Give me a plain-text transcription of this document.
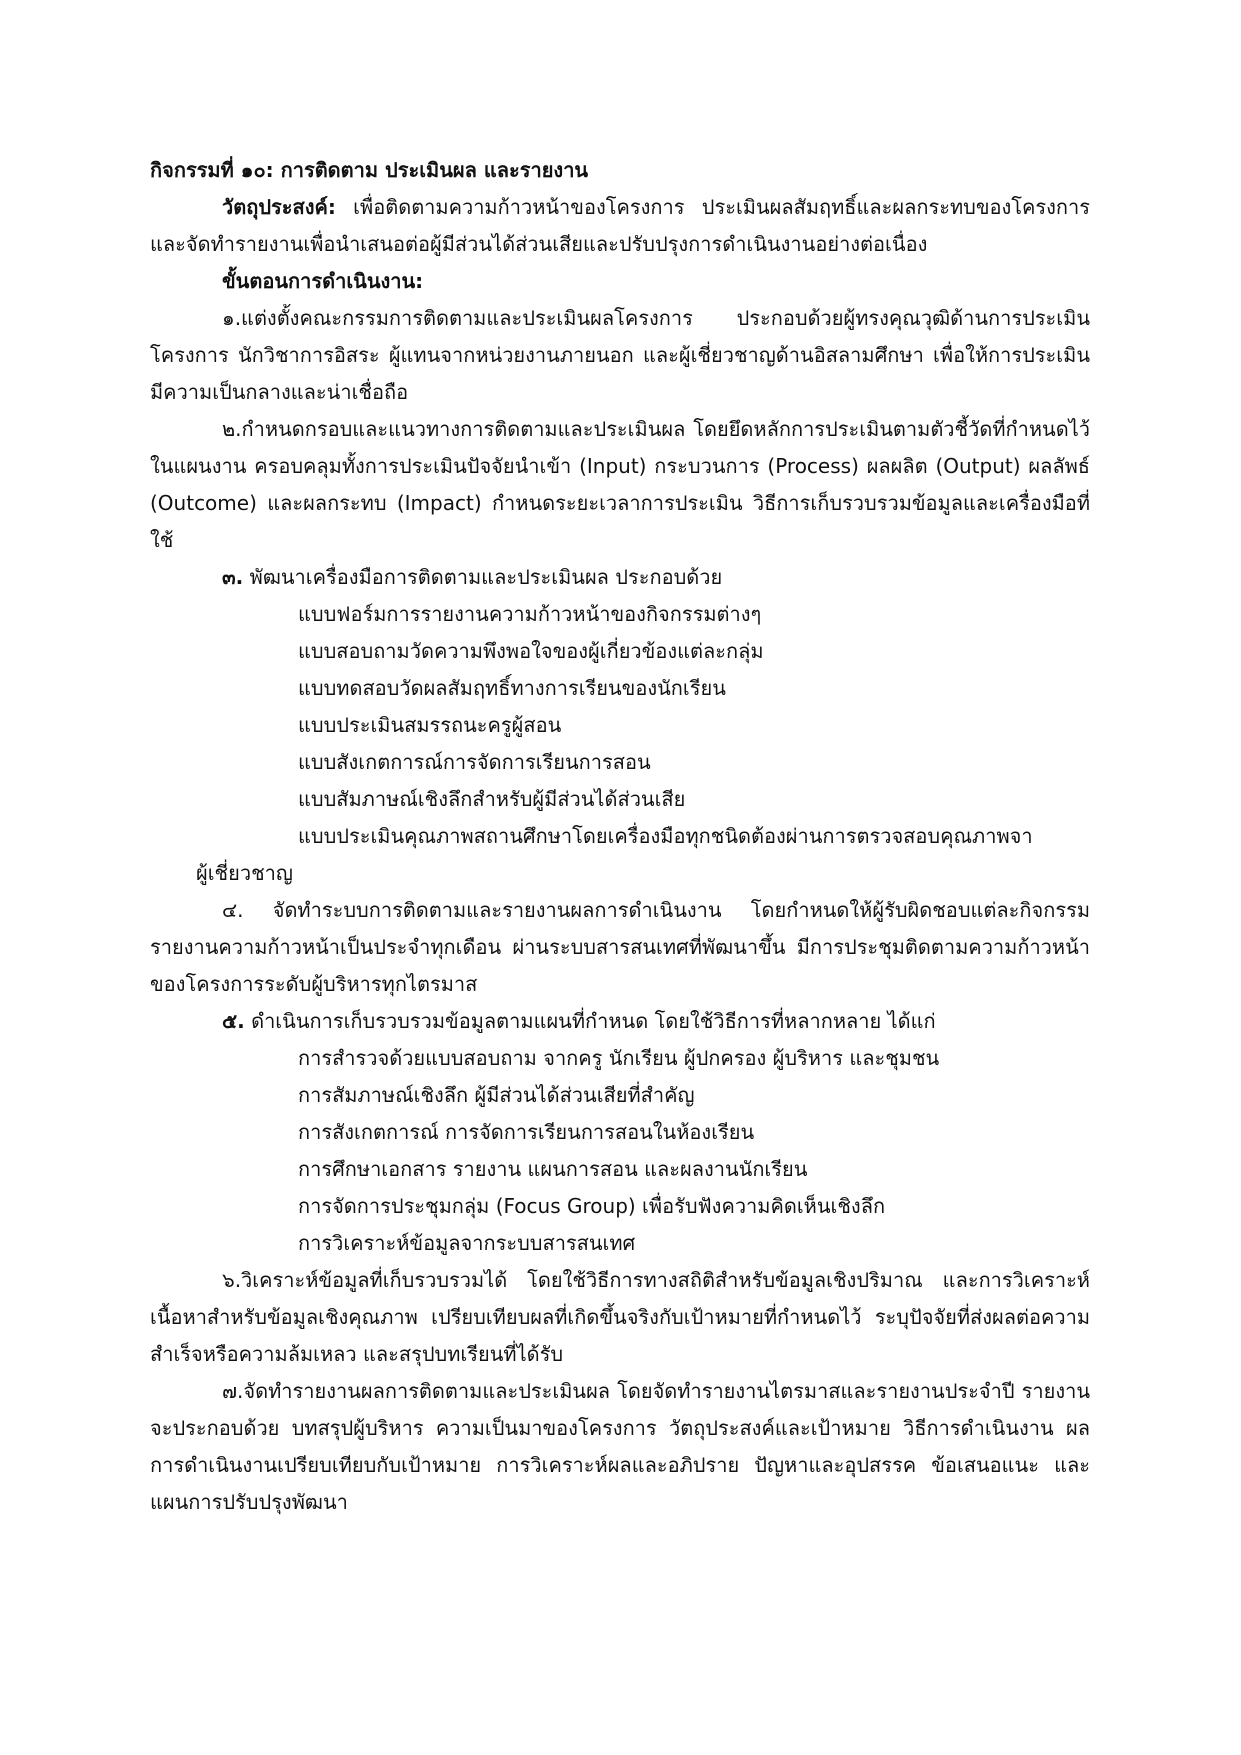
กิจกรรมที่ ๑๐: การติดตาม ประเมินผล และรายงาน

วัตถุประสงค์: เพื่อติดตามความก้าวหน้าของโครงการ ประเมินผลสัมฤทธิ์และผลกระทบของโครงการและจัดทำรายงานเพื่อนำเสนอต่อผู้มีส่วนได้ส่วนเสียและปรับปรุงการดำเนินงานอย่างต่อเนื่อง

ขั้นตอนการดำเนินงาน:

๑.แต่งตั้งคณะกรรมการติดตามและประเมินผลโครงการ ประกอบด้วยผู้ทรงคุณวุฒิด้านการประเมินโครงการ นักวิชาการอิสระ ผู้แทนจากหน่วยงานภายนอก และผู้เชี่ยวชาญด้านอิสลามศึกษา เพื่อให้การประเมินมีความเป็นกลางและน่าเชื่อถือ

๒.กำหนดกรอบและแนวทางการติดตามและประเมินผล โดยยึดหลักการประเมินตามตัวชี้วัดที่กำหนดไว้ในแผนงาน ครอบคลุมทั้งการประเมินปัจจัยนำเข้า (Input) กระบวนการ (Process) ผลผลิต (Output) ผลลัพธ์ (Outcome) และผลกระทบ (Impact) กำหนดระยะเวลาการประเมิน วิธีการเก็บรวบรวมข้อมูลและเครื่องมือที่ใช้

๓. พัฒนาเครื่องมือการติดตามและประเมินผล ประกอบด้วย

แบบฟอร์มการรายงานความก้าวหน้าของกิจกรรมต่างๆ

แบบสอบถามวัดความพึงพอใจของผู้เกี่ยวข้องแต่ละกลุ่ม

แบบทดสอบวัดผลสัมฤทธิ์ทางการเรียนของนักเรียน

แบบประเมินสมรรถนะครูผู้สอน

แบบสังเกตการณ์การจัดการเรียนการสอน

แบบสัมภาษณ์เชิงลึกสำหรับผู้มีส่วนได้ส่วนเสีย

แบบประเมินคุณภาพสถานศึกษาโดยเครื่องมือทุกชนิดต้องผ่านการตรวจสอบคุณภาพจา

ผู้เชี่ยวชาญ

๔. จัดทำระบบการติดตามและรายงานผลการดำเนินงาน โดยกำหนดให้ผู้รับผิดชอบแต่ละกิจกรรมรายงานความก้าวหน้าเป็นประจำทุกเดือน ผ่านระบบสารสนเทศที่พัฒนาขึ้น มีการประชุมติดตามความก้าวหน้าของโครงการระดับผู้บริหารทุกไตรมาส

๕. ดำเนินการเก็บรวบรวมข้อมูลตามแผนที่กำหนด โดยใช้วิธีการที่หลากหลาย ได้แก่

การสำรวจด้วยแบบสอบถาม จากครู นักเรียน ผู้ปกครอง ผู้บริหาร และชุมชน

การสัมภาษณ์เชิงลึก ผู้มีส่วนได้ส่วนเสียที่สำคัญ

การสังเกตการณ์ การจัดการเรียนการสอนในห้องเรียน

การศึกษาเอกสาร รายงาน แผนการสอน และผลงานนักเรียน

การจัดการประชุมกลุ่ม (Focus Group) เพื่อรับฟังความคิดเห็นเชิงลึก

การวิเคราะห์ข้อมูลจากระบบสารสนเทศ

๖.วิเคราะห์ข้อมูลที่เก็บรวบรวมได้ โดยใช้วิธีการทางสถิติสำหรับข้อมูลเชิงปริมาณ และการวิเคราะห์เนื้อหาสำหรับข้อมูลเชิงคุณภาพ เปรียบเทียบผลที่เกิดขึ้นจริงกับเป้าหมายที่กำหนดไว้ ระบุปัจจัยที่ส่งผลต่อความสำเร็จหรือความล้มเหลว และสรุปบทเรียนที่ได้รับ

๗.จัดทำรายงานผลการติดตามและประเมินผล โดยจัดทำรายงานไตรมาสและรายงานประจำปี รายงานจะประกอบด้วย บทสรุปผู้บริหาร ความเป็นมาของโครงการ วัตถุประสงค์และเป้าหมาย วิธีการดำเนินงาน ผลการดำเนินงานเปรียบเทียบกับเป้าหมาย การวิเคราะห์ผลและอภิปราย ปัญหาและอุปสรรค ข้อเสนอแนะ และแผนการปรับปรุงพัฒนา
